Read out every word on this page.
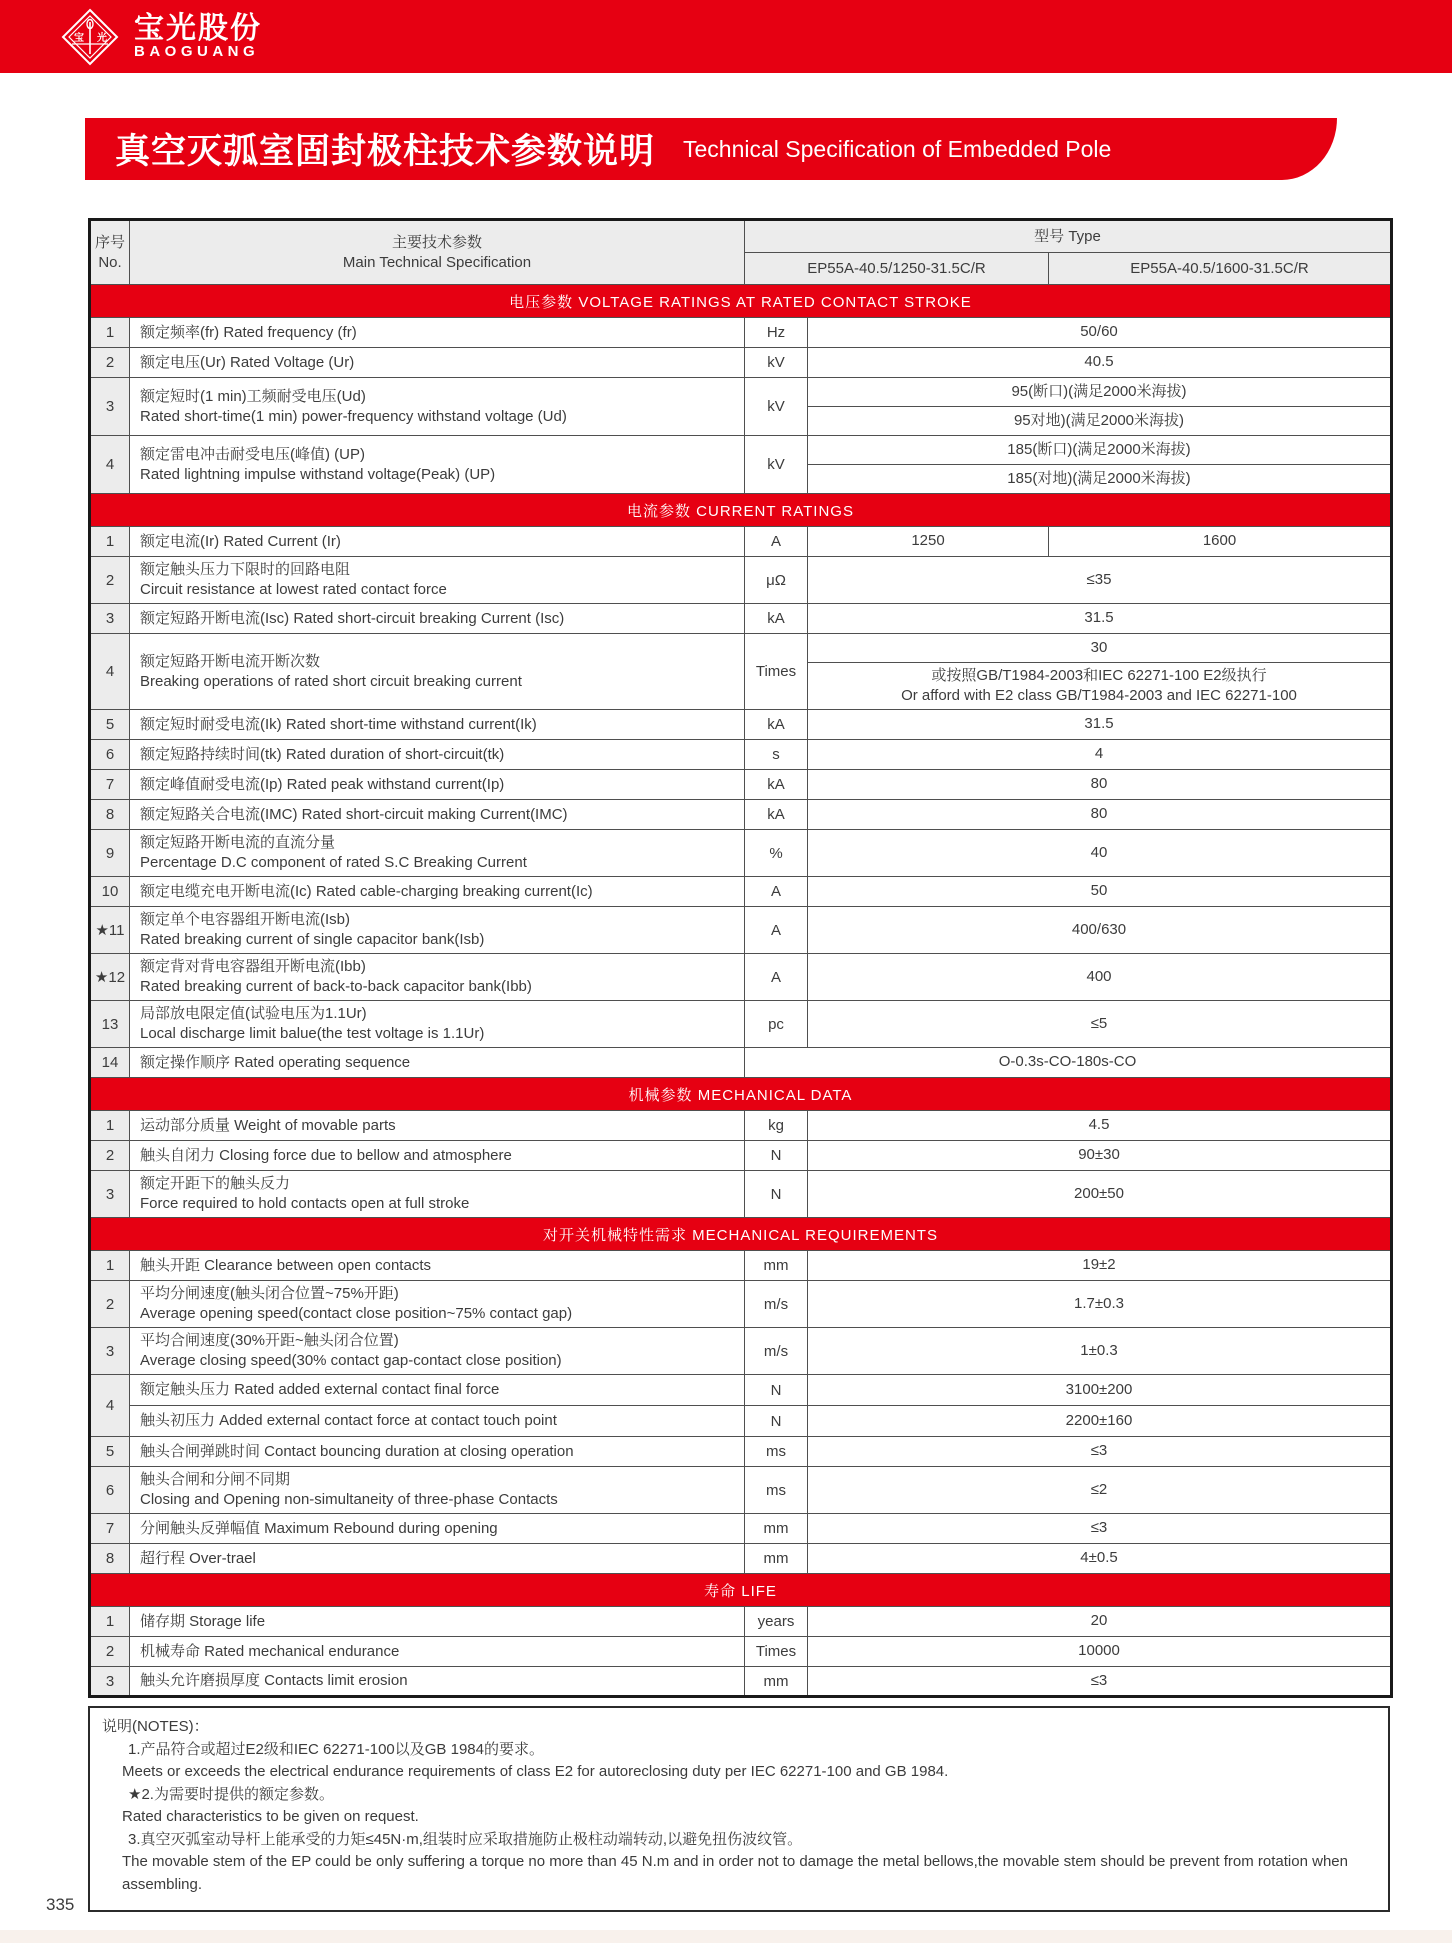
宝 光 宝光股份
BAOGUANG
真空灭弧室固封极柱技术参数说明 Technical Specification of Embedded Pole
序号
No.

主要技术参数
Main Technical Specification
	型号 Type
		EP55A-40.5/1250-31.5C/R		EP55A-40.5/1600-31.5C/R
电压参数 VOLTAGE RATINGS AT RATED CONTACT STROKE				
1	额定频率(fr) Rated frequency (fr)	Hz	50/60	
2	额定电压(Ur) Rated Voltage (Ur)	kV	40.5	
3	额定短时(1 min)工频耐受电压(Ud)
Rated short-time(1 min) power-frequency withstand voltage (Ud)	kV	95(断口)(满足2000米海拔)	
			95对地)(满足2000米海拔)	
4	额定雷电冲击耐受电压(峰值) (UP)
Rated lightning impulse withstand voltage(Peak) (UP)	kV	185(断口)(满足2000米海拔)	
			185(对地)(满足2000米海拔)	
电流参数 CURRENT RATINGS				
1	额定电流(Ir) Rated Current (Ir)	A	1250	1600
2	额定触头压力下限时的回路电阻
Circuit resistance at lowest rated contact force	μΩ	≤35	
3	额定短路开断电流(Isc) Rated short-circuit breaking Current (Isc)	kA	31.5	
4	额定短路开断电流开断次数
Breaking operations of rated short circuit breaking current	Times	30	

			或按照GB/T1984-2003和IEC 62271-100 E2级执行
Or afford with E2 class GB/T1984-2003 and IEC 62271-100	

5	额定短时耐受电流(Ik) Rated short-time withstand current(Ik)	kA	31.5	
6	额定短路持续时间(tk) Rated duration of short-circuit(tk)	s	4	
7	额定峰值耐受电流(Ip) Rated peak withstand current(Ip)	kA	80	
8	额定短路关合电流(IMC) Rated short-circuit making Current(IMC)	kA	80	
9	额定短路开断电流的直流分量
Percentage D.C component of rated S.C Breaking Current	%	40	
10	额定电缆充电开断电流(Ic) Rated cable-charging breaking current(Ic)	A	50	
★11	额定单个电容器组开断电流(Isb)
Rated breaking current of single capacitor bank(Isb)	A	400/630	
★12	额定背对背电容器组开断电流(Ibb)
Rated breaking current of back-to-back capacitor bank(Ibb)	A	400	
13	局部放电限定值(试验电压为1.1Ur)
Local discharge limit balue(the test voltage is 1.1Ur)	pc	≤5	
14	额定操作顺序 Rated operating sequence	O-0.3s-CO-180s-CO		
机械参数 MECHANICAL DATA				
1	运动部分质量 Weight of movable parts	kg	4.5	
2	触头自闭力 Closing force due to bellow and atmosphere	N	90±30	
3	额定开距下的触头反力
Force required to hold contacts open at full stroke	N	200±50	
对开关机械特性需求 MECHANICAL REQUIREMENTS				
1	触头开距 Clearance between open contacts	mm	19±2	
2	平均分闸速度(触头闭合位置~75%开距)
Average opening speed(contact close position~75% contact gap)	m/s	1.7±0.3	
3	平均合闸速度(30%开距~触头闭合位置)
Average closing speed(30% contact gap-contact close position)	m/s	1±0.3	
4	额定触头压力 Rated added external contact final force	N	3100±200	
	触头初压力 Added external contact force at contact touch point	N	2200±160	
5	触头合闸弹跳时间 Contact bouncing duration at closing operation	ms	≤3	
6	触头合闸和分闸不同期
Closing and Opening non-simultaneity of three-phase Contacts	ms	≤2	
7	分闸触头反弹幅值 Maximum Rebound during opening	mm	≤3	
8	超行程 Over-trael	mm	4±0.5	
寿命 LIFE				
1	储存期 Storage life	years	20	
2	机械寿命 Rated mechanical endurance	Times	10000	
3	触头允许磨损厚度 Contacts limit erosion	mm	≤3	
说明(NOTES)：
1.产品符合或超过E2级和IEC 62271-100以及GB 1984的要求。
Meets or exceeds the electrical endurance requirements of class E2 for autoreclosing duty per IEC 62271-100 and GB 1984.
★2.为需要时提供的额定参数。
Rated characteristics to be given on request.
3.真空灭弧室动导杆上能承受的力矩≤45N·m,组装时应采取措施防止极柱动端转动,以避免扭伤波纹管。
The movable stem of the EP could be only suffering a torque no more than 45 N.m and in order not to damage the metal bellows,the movable stem should be prevent from rotation when assembling.
335
